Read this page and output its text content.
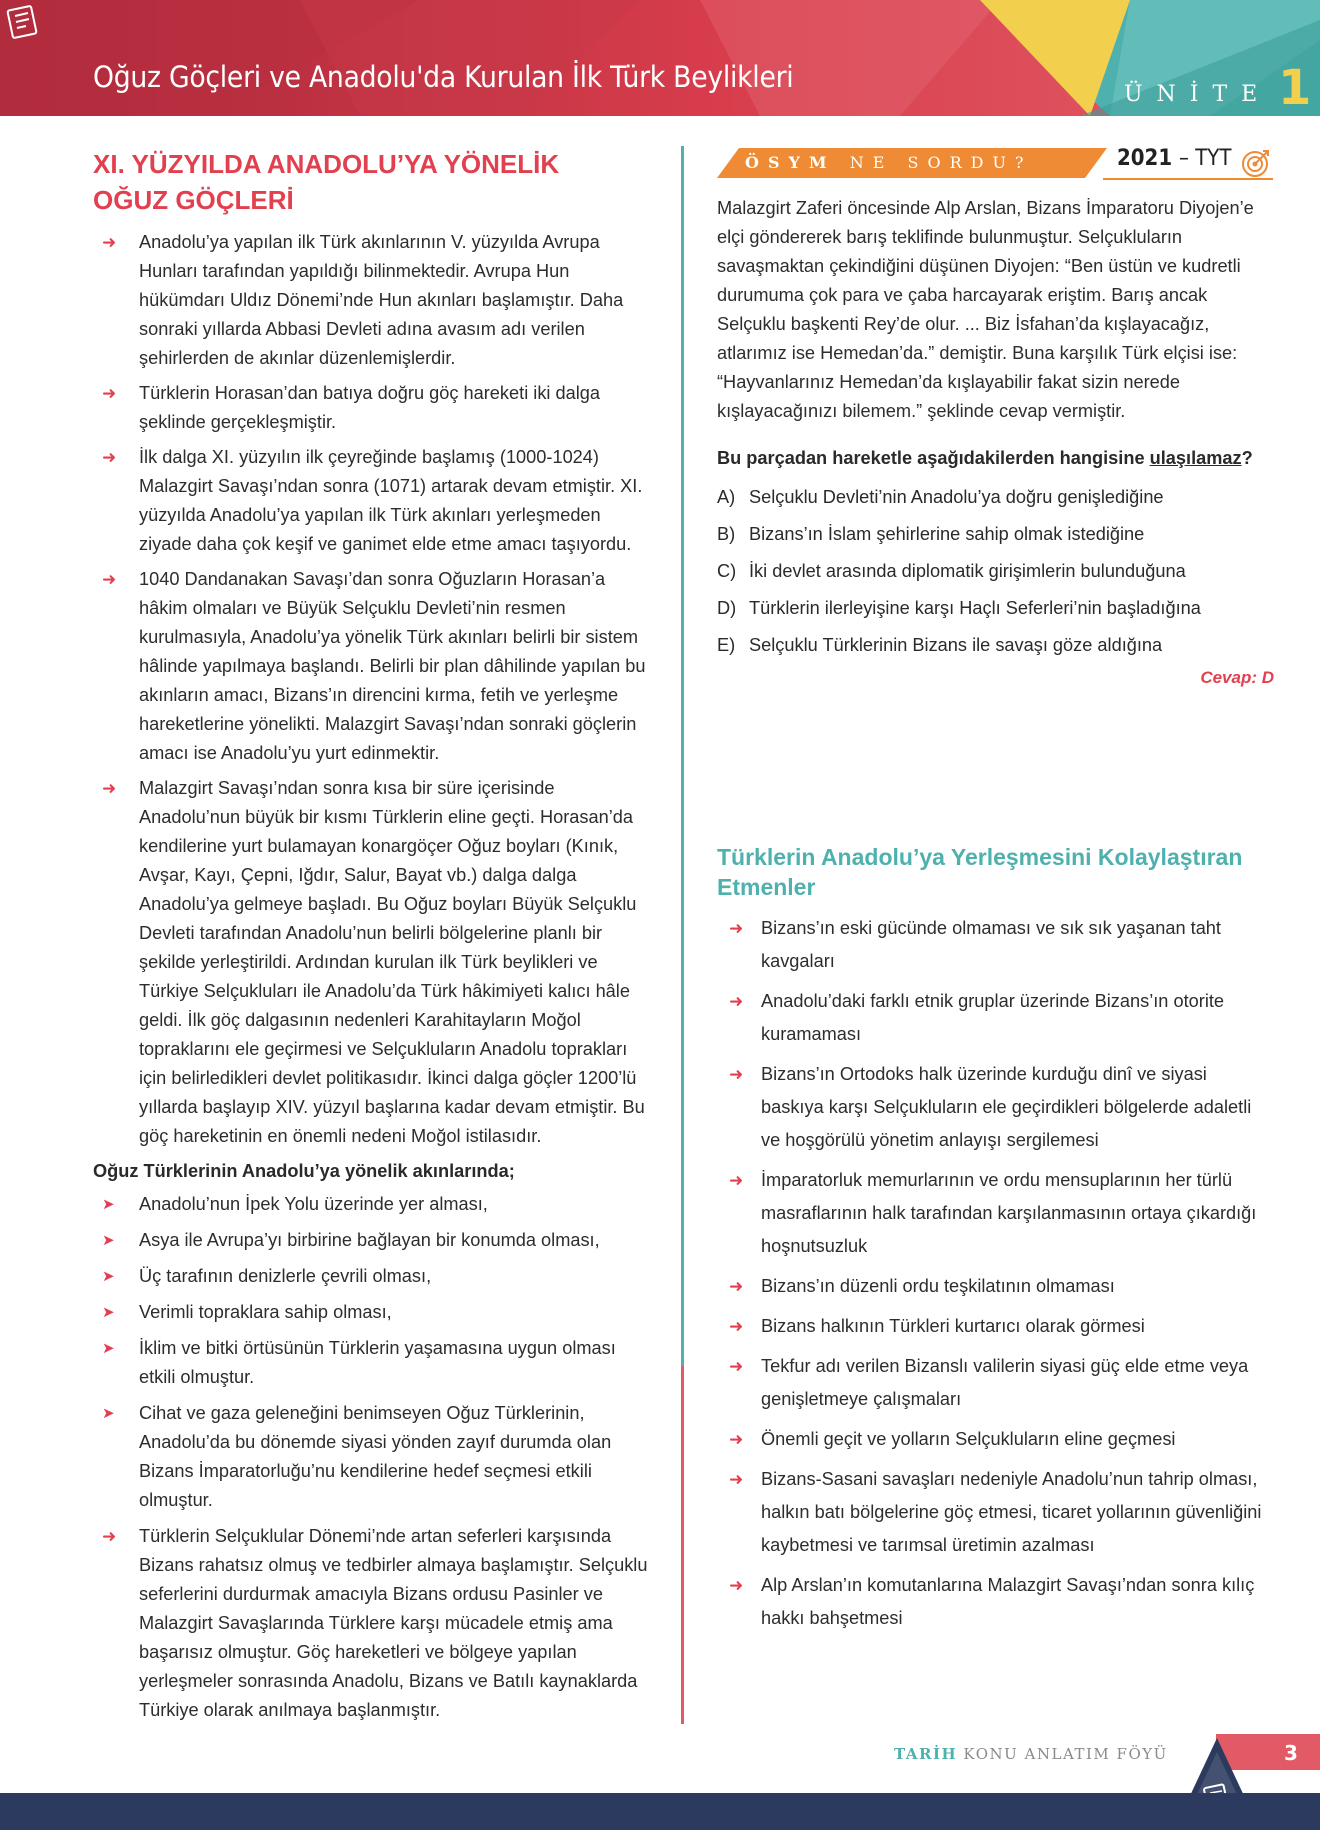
Oğuz Göçleri ve Anadolu'da Kurulan İlk Türk Beylikleri
ÜNİTE 1
XI. YÜZYILDA ANADOLU’YA YÖNELİK
OĞUZ GÖÇLERİ
➜	Anadolu’ya yapılan ilk Türk akınlarının V. yüzyılda Avrupa Hunları tarafından yapıldığı bilinmektedir. Avrupa Hun hükümdarı Uldız Dönemi’nde Hun akınları başlamıştır. Daha sonraki yıllarda Abbasi Devleti adına avasım adı verilen şehirlerden de akınlar düzenlemişlerdir.
➜	Türklerin Horasan’dan batıya doğru göç hareketi iki dalga şeklinde gerçekleşmiştir.
➜	İlk dalga XI. yüzyılın ilk çeyreğinde başlamış (1000-1024) Malazgirt Savaşı’ndan sonra (1071) artarak devam etmiştir. XI. yüzyılda Anadolu’ya yapılan ilk Türk akınları yerleşmeden ziyade daha çok keşif ve ganimet elde etme amacı taşıyordu.
➜	1040 Dandanakan Savaşı’dan sonra Oğuzların Horasan’a hâkim olmaları ve Büyük Selçuklu Devleti’nin resmen kurulmasıyla, Anadolu’ya yönelik Türk akınları belirli bir sistem hâlinde yapılmaya başlandı. Belirli bir plan dâhilinde yapılan bu akınların amacı, Bizans’ın direncini kırma, fetih ve yerleşme hareketlerine yönelikti. Malazgirt Savaşı’ndan sonraki göçlerin amacı ise Anadolu’yu yurt edinmektir.
➜	Malazgirt Savaşı’ndan sonra kısa bir süre içerisinde Anadolu’nun büyük bir kısmı Türklerin eline geçti. Horasan’da kendilerine yurt bulamayan konargöçer Oğuz boyları (Kınık, Avşar, Kayı, Çepni, Iğdır, Salur, Bayat vb.) dalga dalga Anadolu’ya gelmeye başladı. Bu Oğuz boyları Büyük Selçuklu Devleti tarafından Anadolu’nun belirli bölgelerine planlı bir şekilde yerleştirildi. Ardından kurulan ilk Türk beylikleri ve Türkiye Selçukluları ile Anadolu’da Türk hâkimiyeti kalıcı hâle geldi. İlk göç dalgasının nedenleri Karahitayların Moğol topraklarını ele geçirmesi ve Selçukluların Anadolu toprakları için belirledikleri devlet politikasıdır. İkinci dalga göçler 1200’lü yıllarda başlayıp XIV. yüzyıl başlarına kadar devam etmiştir. Bu göç hareketinin en önemli nedeni Moğol istilasıdır.
Oğuz Türklerinin Anadolu’ya yönelik akınlarında;
➤	Anadolu’nun İpek Yolu üzerinde yer alması,
➤	Asya ile Avrupa’yı birbirine bağlayan bir konumda olması,
➤	Üç tarafının denizlerle çevrili olması,
➤	Verimli topraklara sahip olması,
➤	İklim ve bitki örtüsünün Türklerin yaşamasına uygun olması etkili olmuştur.
➤	Cihat ve gaza geleneğini benimseyen Oğuz Türklerinin, Anadolu’da bu dönemde siyasi yönden zayıf durumda olan Bizans İmparatorluğu’nu kendilerine hedef seçmesi etkili olmuştur.
➜	Türklerin Selçuklular Dönemi’nde artan seferleri karşısında Bizans rahatsız olmuş ve tedbirler almaya başlamıştır. Selçuklu seferlerini durdurmak amacıyla Bizans ordusu Pasinler ve Malazgirt Savaşlarında Türklere karşı mücadele etmiş ama başarısız olmuştur. Göç hareketleri ve bölgeye yapılan yerleşmeler sonrasında Anadolu, Bizans ve Batılı kaynaklarda Türkiye olarak anılmaya başlanmıştır.
ÖSYM NE SORDU?	2021 – TYT
Malazgirt Zaferi öncesinde Alp Arslan, Bizans İmparatoru Diyojen’e elçi göndererek barış teklifinde bulunmuştur. Selçukluların savaşmaktan çekindiğini düşünen Diyojen: “Ben üstün ve kudretli durumuma çok para ve çaba harcayarak eriştim. Barış ancak Selçuklu başkenti Rey’de olur. ... Biz İsfahan’da kışlayacağız, atlarımız ise Hemedan’da.” demiştir. Buna karşılık Türk elçisi ise: “Hayvanlarınız Hemedan’da kışlayabilir fakat sizin nerede kışlayacağınızı bilemem.” şeklinde cevap vermiştir.
Bu parçadan hareketle aşağıdakilerden hangisine ulaşılamaz?
A) Selçuklu Devleti’nin Anadolu’ya doğru genişlediğine
B) Bizans’ın İslam şehirlerine sahip olmak istediğine
C) İki devlet arasında diplomatik girişimlerin bulunduğuna
D) Türklerin ilerleyişine karşı Haçlı Seferleri’nin başladığına
E) Selçuklu Türklerinin Bizans ile savaşı göze aldığına
Cevap: D
Türklerin Anadolu’ya Yerleşmesini Kolaylaştıran
Etmenler
➜ Bizans’ın eski gücünde olmaması ve sık sık yaşanan taht kavgaları
➜ Anadolu’daki farklı etnik gruplar üzerinde Bizans’ın otorite kuramaması
➜ Bizans’ın Ortodoks halk üzerinde kurduğu dinî ve siyasi baskıya karşı Selçukluların ele geçirdikleri bölgelerde adaletli ve hoşgörülü yönetim anlayışı sergilemesi
➜ İmparatorluk memurlarının ve ordu mensuplarının her türlü masraflarının halk tarafından karşılanmasının ortaya çıkardığı hoşnutsuzluk
➜ Bizans’ın düzenli ordu teşkilatının olmaması
➜ Bizans halkının Türkleri kurtarıcı olarak görmesi
➜ Tekfur adı verilen Bizanslı valilerin siyasi güç elde etme veya genişletmeye çalışmaları
➜ Önemli geçit ve yolların Selçukluların eline geçmesi
➜ Bizans-Sasani savaşları nedeniyle Anadolu’nun tahrip olması, halkın batı bölgelerine göç etmesi, ticaret yollarının güvenliğini kaybetmesi ve tarımsal üretimin azalması
➜ Alp Arslan’ın komutanlarına Malazgirt Savaşı’ndan sonra kılıç hakkı bahşetmesi
TARİH KONU ANLATIM FÖYÜ	3
